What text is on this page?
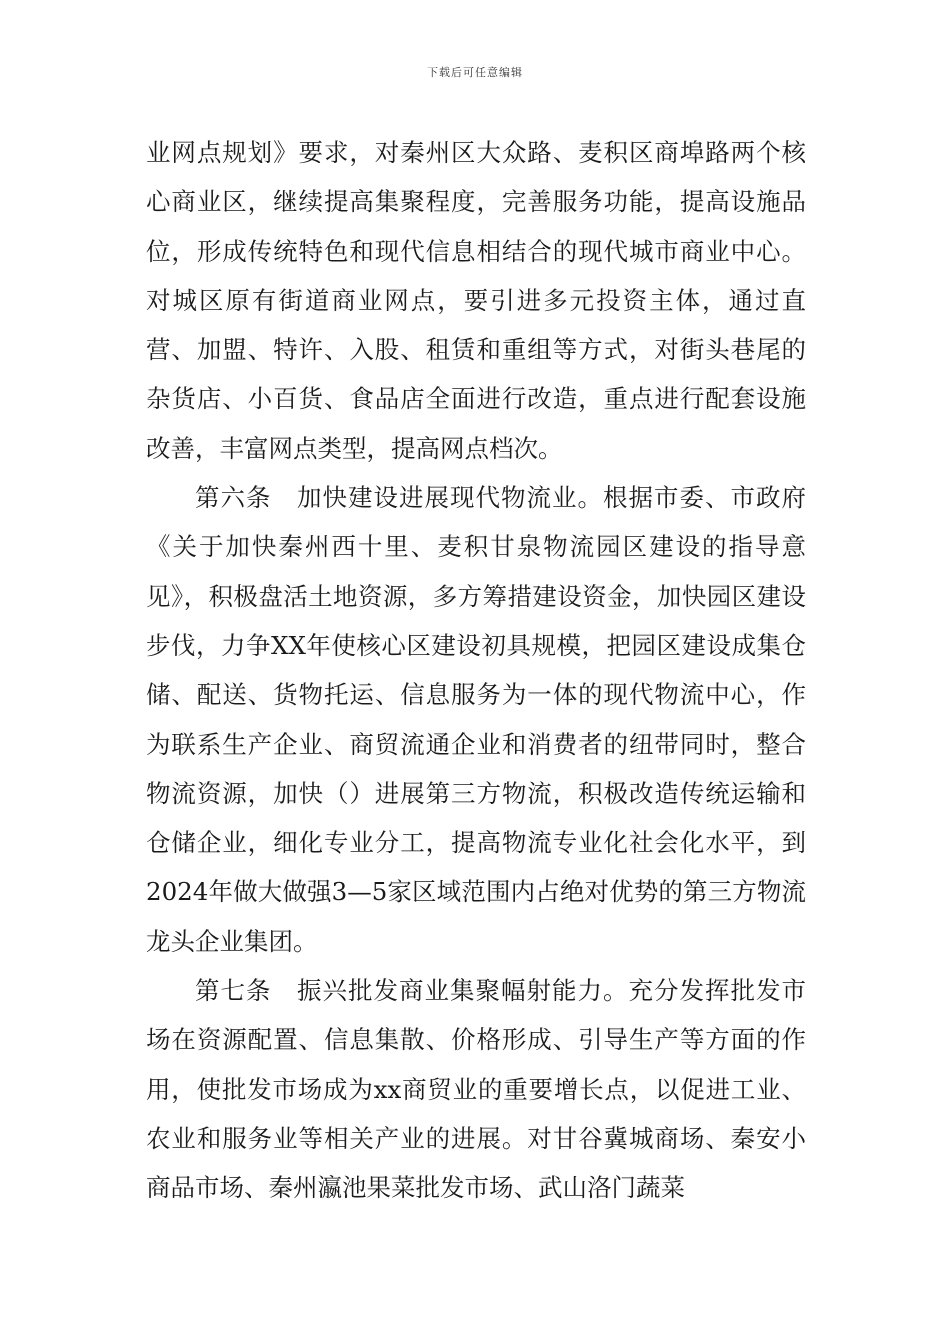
下载后可任意编辑

业网点规划》要求，对秦州区大众路、麦积区商埠路两个核心商业区，继续提高集聚程度，完善服务功能，提高设施品位，形成传统特色和现代信息相结合的现代城市商业中心。对城区原有街道商业网点，要引进多元投资主体，通过直营、加盟、特许、入股、租赁和重组等方式，对街头巷尾的杂货店、小百货、食品店全面进行改造，重点进行配套设施改善，丰富网点类型，提高网点档次。

第六条　加快建设进展现代物流业。根据市委、市政府《关于加快秦州西十里、麦积甘泉物流园区建设的指导意见》，积极盘活土地资源，多方筹措建设资金，加快园区建设步伐，力争XX年使核心区建设初具规模，把园区建设成集仓储、配送、货物托运、信息服务为一体的现代物流中心，作为联系生产企业、商贸流通企业和消费者的纽带同时，整合物流资源，加快（）进展第三方物流，积极改造传统运输和仓储企业，细化专业分工，提高物流专业化社会化水平，到2024年做大做强3—5家区域范围内占绝对优势的第三方物流龙头企业集团。

第七条　振兴批发商业集聚幅射能力。充分发挥批发市场在资源配置、信息集散、价格形成、引导生产等方面的作用，使批发市场成为xx商贸业的重要增长点，以促进工业、农业和服务业等相关产业的进展。对甘谷冀城商场、秦安小商品市场、秦州瀛池果菜批发市场、武山洛门蔬菜
